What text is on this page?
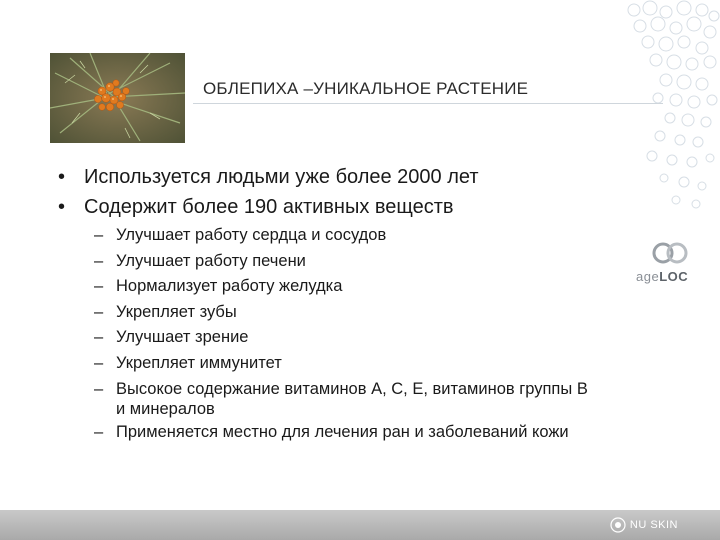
ОБЛЕПИХА –УНИКАЛЬНОЕ РАСТЕНИЕ
• Используется людьми уже более 2000 лет
• Содержит более 190 активных веществ
– Улучшает работу сердца и сосудов
– Улучшает работу печени
– Нормализует работу желудка
– Укрепляет зубы
– Улучшает зрение
– Укрепляет иммунитет
– Высокое содержание витаминов А, С, Е, витаминов группы В и минералов
– Применяется местно для лечения ран и заболеваний кожи
ageLOC
NU SKIN
